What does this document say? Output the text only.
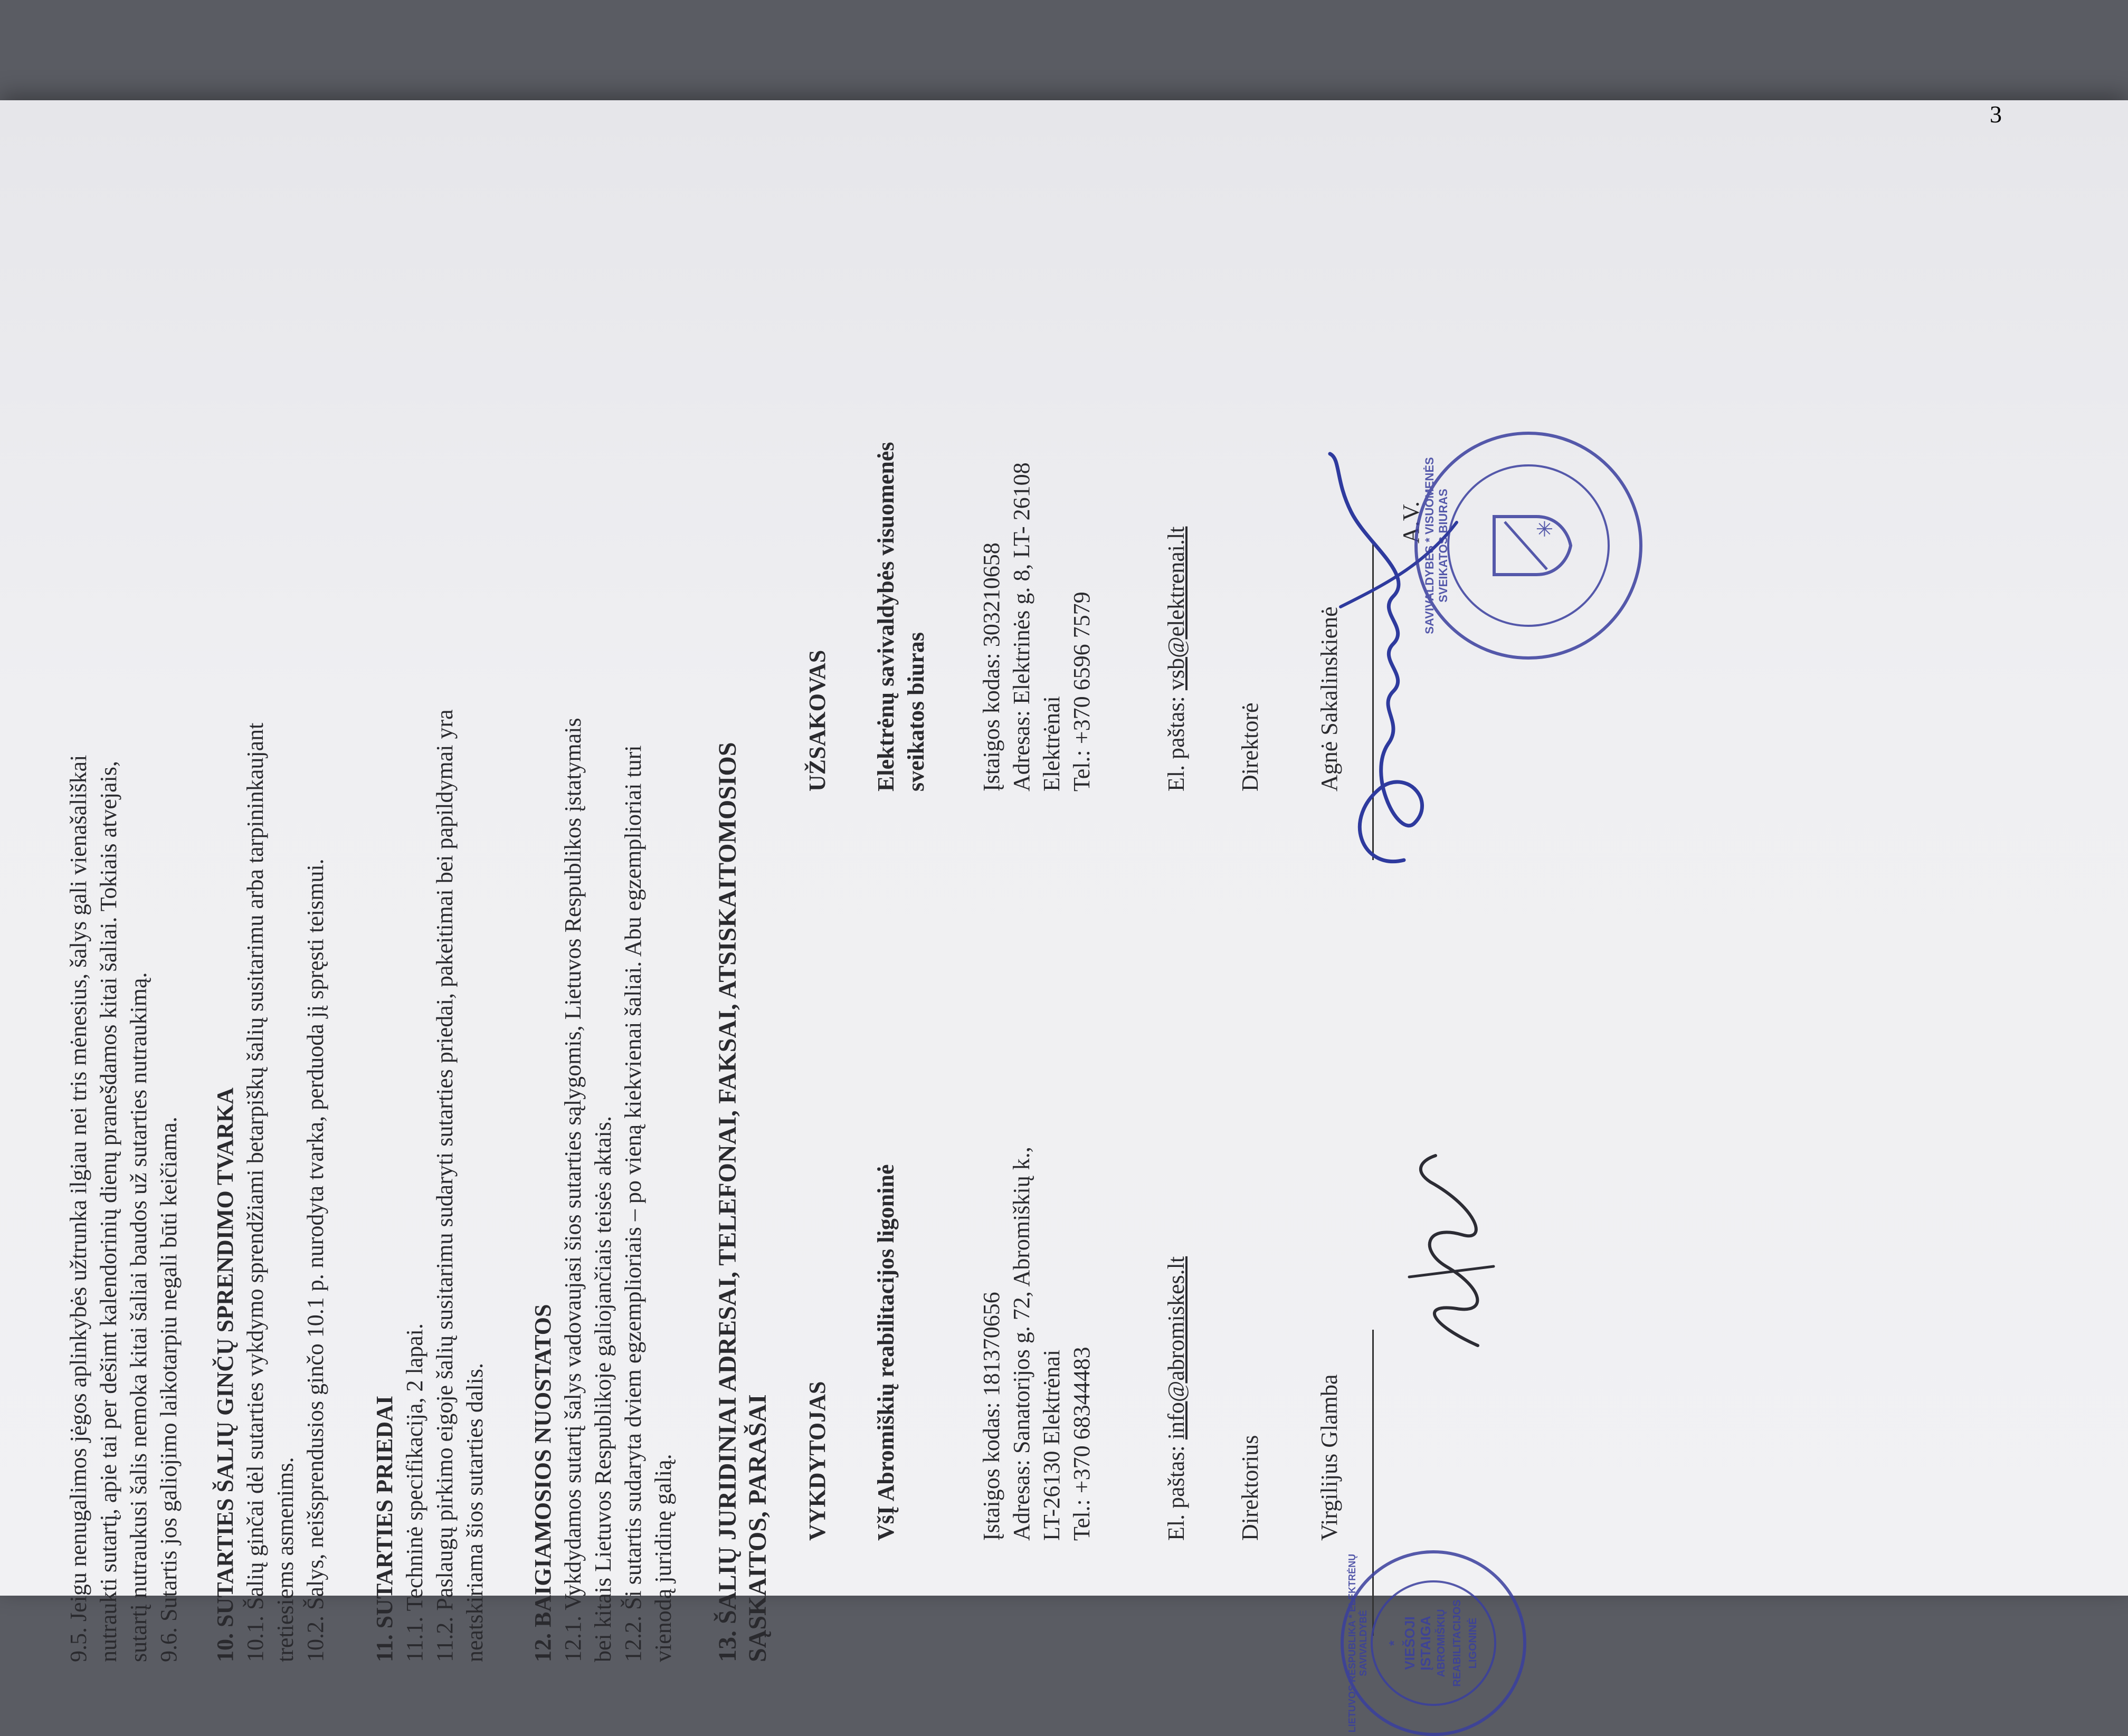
3
9.5. Jeigu nenugalimos jėgos aplinkybės užtrunka ilgiau nei tris mėnesius, šalys gali vienašališkai nutraukti sutartį, apie tai per dešimt kalendorinių dienų pranešdamos kitai šaliai. Tokiais atvejais, sutartį nutraukusi šalis nemoka kitai šaliai baudos už sutarties nutraukimą. 9.6. Sutartis jos galiojimo laikotarpiu negali būti keičiama. 10. SUTARTIES ŠALIŲ GINČŲ SPRENDIMO TVARKA 10.1. Šalių ginčai dėl sutarties vykdymo sprendžiami betarpiškų šalių susitarimu arba tarpininkaujant tretiesiems asmenims. 10.2. Šalys, neišsprendusios ginčo 10.1 p. nurodyta tvarka, perduoda jį spręsti teismui. 11. SUTARTIES PRIEDAI 11.1. Techninė specifikacija, 2 lapai. 11.2. Paslaugų pirkimo eigoje šalių susitarimu sudaryti sutarties priedai, pakeitimai bei papildymai yra neatskiriama šios sutarties dalis. 12. BAIGIAMOSIOS NUOSTATOS 12.1. Vykdydamos sutartį šalys vadovaujasi šios sutarties sąlygomis, Lietuvos Respublikos įstatymais bei kitais Lietuvos Respublikoje galiojančiais teisės aktais. 12.2. Ši sutartis sudaryta dviem egzemplioriais – po vieną kiekvienai šaliai. Abu egzemplioriai turi vienodą juridinę galią. 13. ŠALIŲ JURIDINIAI ADRESAI, TELEFONAI, FAKSAI, ATSISKAITOMOSIOS SĄSKAITOS, PARAŠAI VYKDYTOJAS VšĮ Abromiškių reabilitacijos ligoninė	Įstaigos kodas: 181370656 Adresas: Sanatorijos g. 72, Abromiškių k., LT-26130 Elektrėnai Tel.: +370 68344483	El. paštas: info@abromiskes.lt
Direktorius Virgilijus Glamba
* VIEŠOJI ĮSTAIGA ABROMIŠKIŲ REABILITACIJOS LIGONINĖ
LIETUVOS RESPUBLIKA * ELEKTRĖNŲ SAVIVALDYBĖ
UŽSAKOVAS Elektrėnų savivaldybės visuomenės sveikatos biuras Įstaigos kodas: 303210658 Adresas: Elektrinės g. 8, LT- 26108 Elektrėnai Tel.: +370 6596 7579	El. paštas: vsb@elektrenai.lt
Direktorė Agnė Sakalinskienė
A.V.	✳
SAVIVALDYBĖS * VISUOMENĖS SVEIKATOS BIURAS
